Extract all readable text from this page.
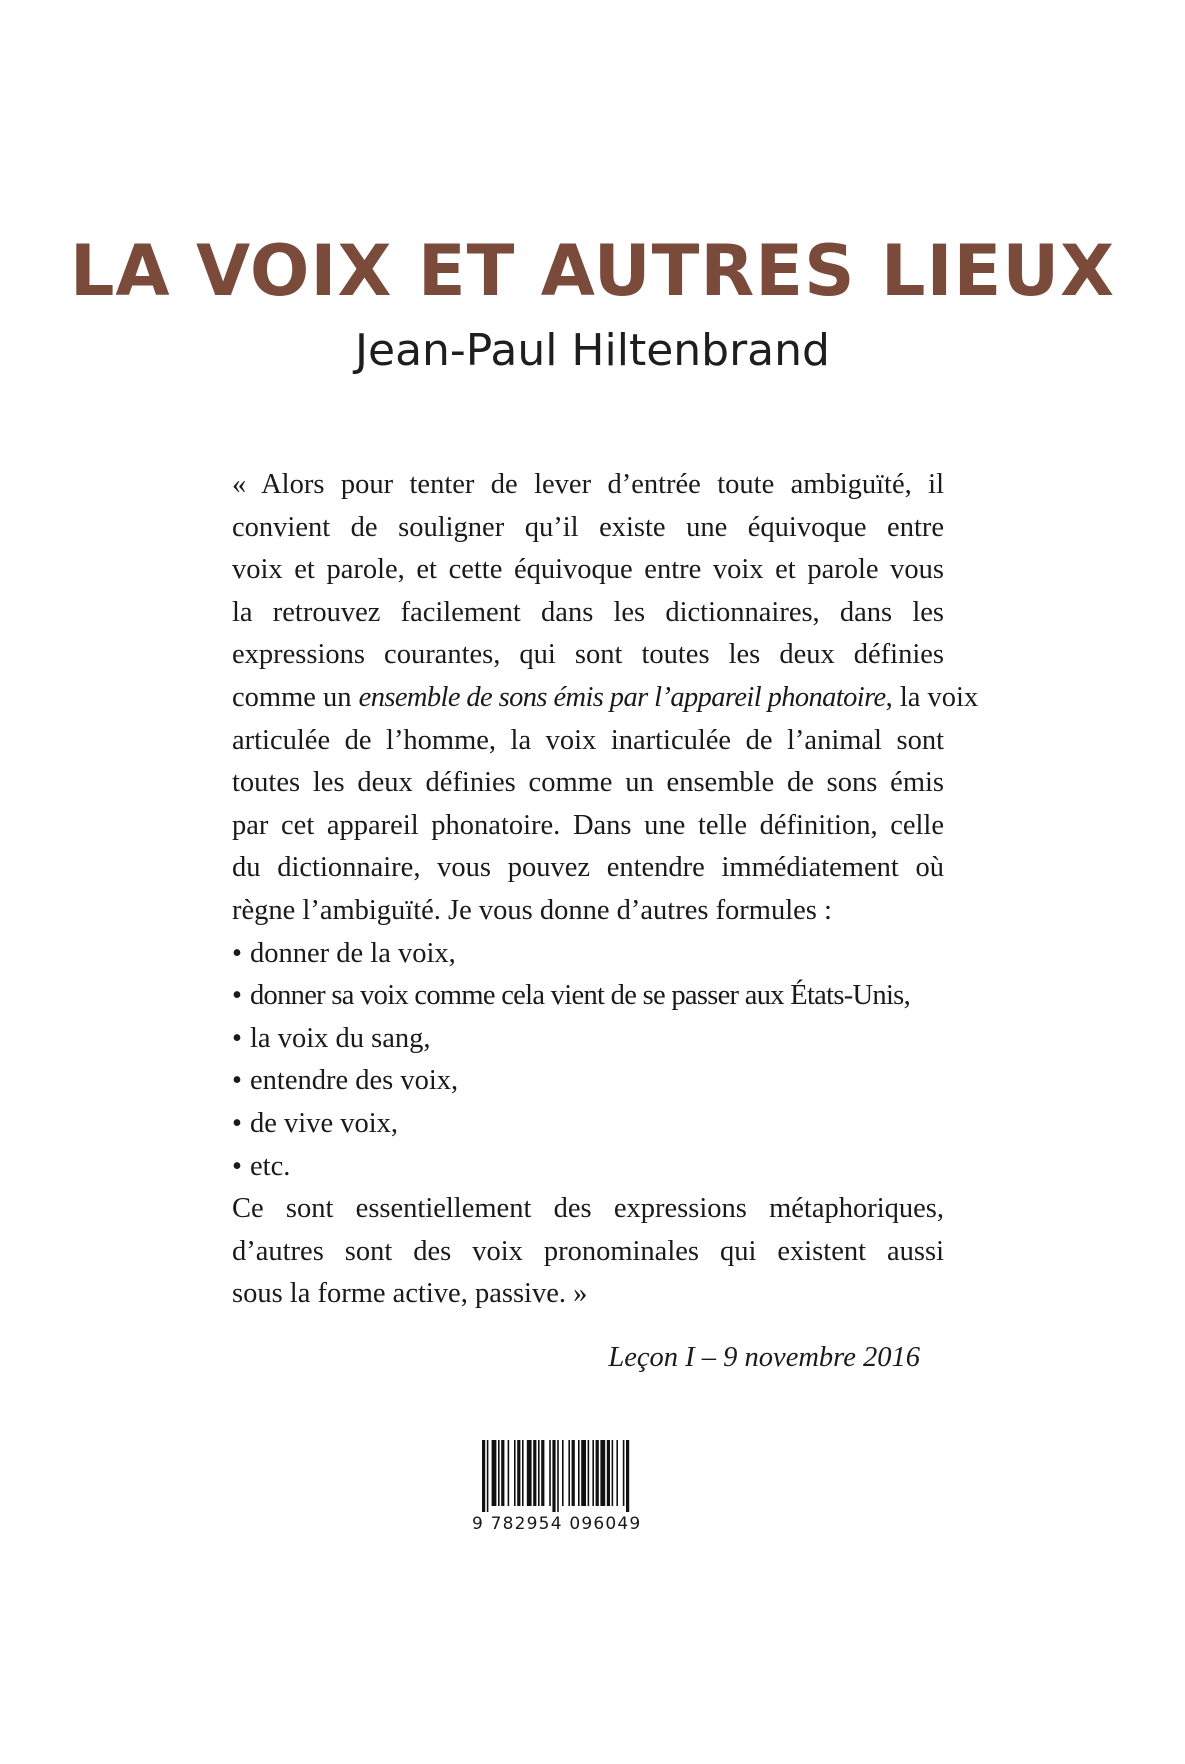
LA VOIX ET AUTRES LIEUX
Jean-Paul Hiltenbrand
« Alors pour tenter de lever d’entrée toute ambiguïté, il
convient de souligner qu’il existe une équivoque entre
voix et parole, et cette équivoque entre voix et parole vous
la retrouvez facilement dans les dictionnaires, dans les
expressions courantes, qui sont toutes les deux définies
comme un ensemble de sons émis par l’appareil phonatoire, la voix
articulée de l’homme, la voix inarticulée de l’animal sont
toutes les deux définies comme un ensemble de sons émis
par cet appareil phonatoire. Dans une telle définition, celle
du dictionnaire, vous pouvez entendre immédiatement où
règne l’ambiguïté. Je vous donne d’autres formules :
• donner de la voix,
• donner sa voix comme cela vient de se passer aux États-Unis,
• la voix du sang,
• entendre des voix,
• de vive voix,
• etc.
Ce sont essentiellement des expressions métaphoriques,
d’autres sont des voix pronominales qui existent aussi
sous la forme active, passive. »
Leçon I – 9 novembre 2016
9 782954 096049
